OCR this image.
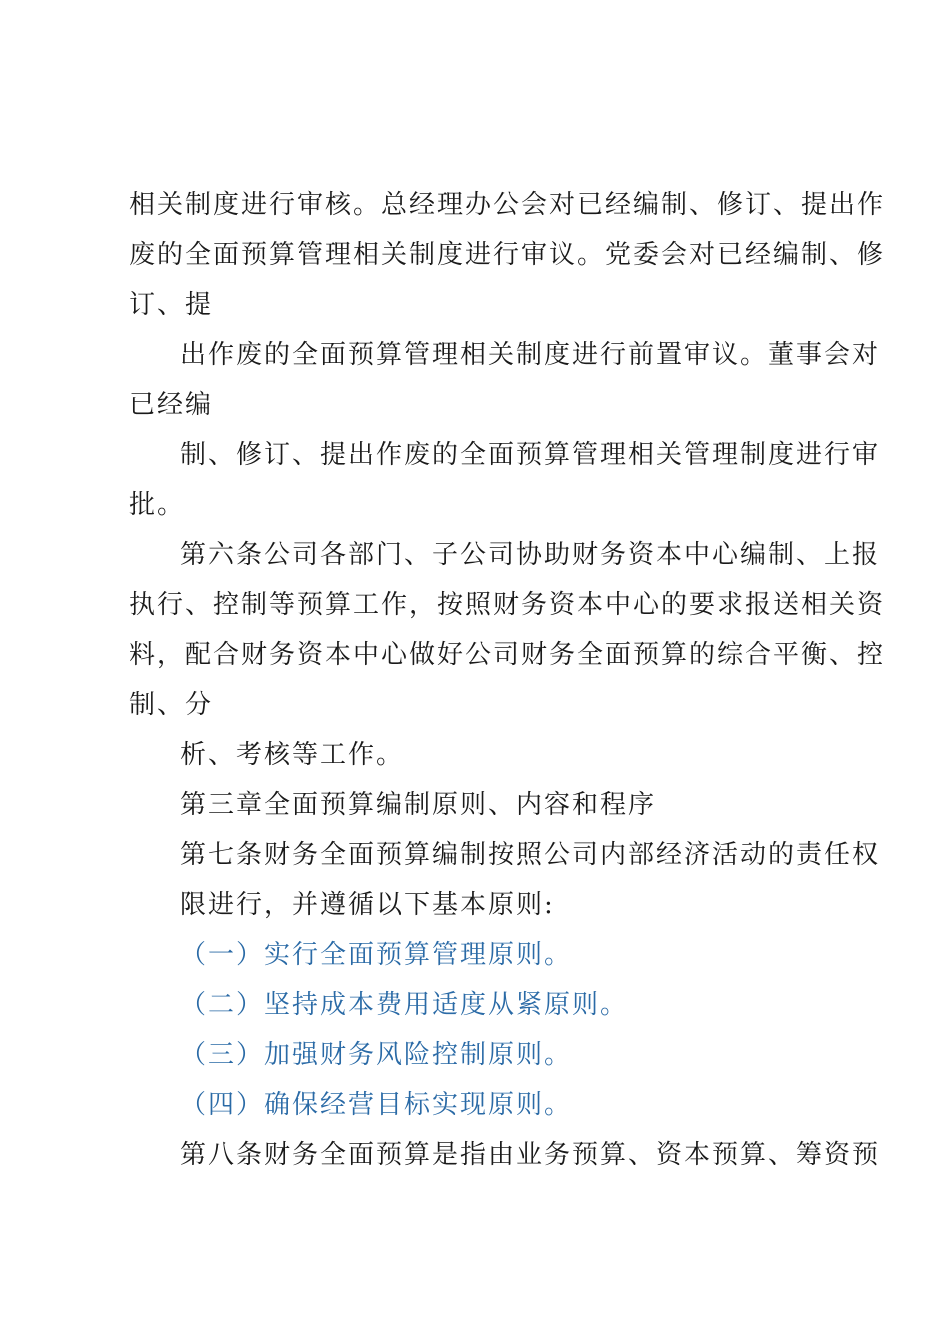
相关制度进行审核。总经理办公会对已经编制、修订、提出作
废的全面预算管理相关制度进行审议。党委会对已经编制、修
订、提
出作废的全面预算管理相关制度进行前置审议。董事会对
已经编
制、修订、提出作废的全面预算管理相关管理制度进行审
批。
第六条公司各部门、子公司协助财务资本中心编制、上报
执行、控制等预算工作，按照财务资本中心的要求报送相关资
料，配合财务资本中心做好公司财务全面预算的综合平衡、控
制、分
析、考核等工作。
第三章全面预算编制原则、内容和程序
第七条财务全面预算编制按照公司内部经济活动的责任权
限进行，并遵循以下基本原则:
（一）实行全面预算管理原则。
（二）坚持成本费用适度从紧原则。
（三）加强财务风险控制原则。
（四）确保经营目标实现原则。
第八条财务全面预算是指由业务预算、资本预算、筹资预
